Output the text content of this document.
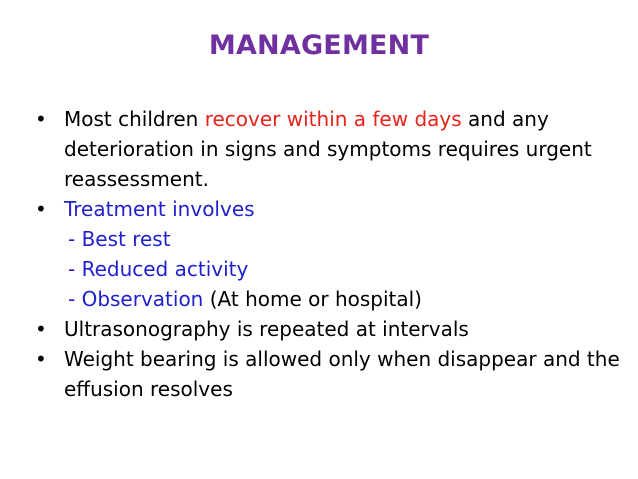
MANAGEMENT
• Most children recover within a few days and any deterioration in signs and symptoms requires urgent reassessment.
• Treatment involves
- Best rest
- Reduced activity
- Observation (At home or hospital)
• Ultrasonography is repeated at intervals
• Weight bearing is allowed only when disappear and the effusion resolves
